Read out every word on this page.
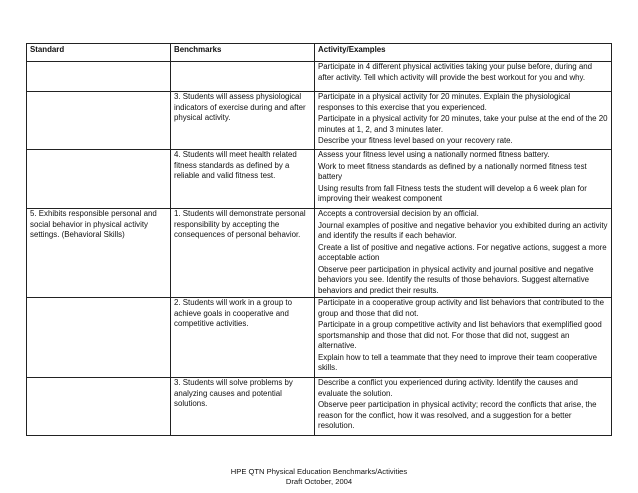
Standard	Benchmarks	Activity/Examples

		Participate in 4 different physical activities taking your pulse before, during and after activity. Tell which activity will provide the best workout for you and why.

	3. Students will assess physiological indicators of exercise during and after physical activity.	Participate in a physical activity for 20 minutes. Explain the physiological responses to this exercise that you experienced.
Participate in a physical activity for 20 minutes, take your pulse at the end of the 20 minutes at 1, 2, and 3 minutes later.
Describe your fitness level based on your recovery rate.

	4. Students will meet health related fitness standards as defined by a reliable and valid fitness test.	Assess your fitness level using a nationally normed fitness battery.
Work to meet fitness standards as defined by a nationally normed fitness test battery
Using results from fall Fitness tests the student will develop a 6 week plan for improving their weakest component

5. Exhibits responsible personal and social behavior in physical activity settings. (Behavioral Skills)	1. Students will demonstrate personal responsibility by accepting the consequences of personal behavior.	Accepts a controversial decision by an official.
Journal examples of positive and negative behavior you exhibited during an activity and identify the results if each behavior.
Create a list of positive and negative actions. For negative actions, suggest a more acceptable action
Observe peer participation in physical activity and journal positive and negative behaviors you see. Identify the results of those behaviors. Suggest alternative behaviors and predict their results.

	2. Students will work in a group to achieve goals in cooperative and competitive activities.	Participate in a cooperative group activity and list behaviors that contributed to the group and those that did not.
Participate in a group competitive activity and list behaviors that exemplified good sportsmanship and those that did not. For those that did not, suggest an alternative.
Explain how to tell a teammate that they need to improve their team cooperative skills.

	3. Students will solve problems by analyzing causes and potential solutions.	Describe a conflict you experienced during activity. Identify the causes and evaluate the solution.
Observe peer participation in physical activity; record the conflicts that arise, the reason for the conflict, how it was resolved, and a suggestion for a better resolution.
HPE QTN Physical Education Benchmarks/Activities
Draft October, 2004
